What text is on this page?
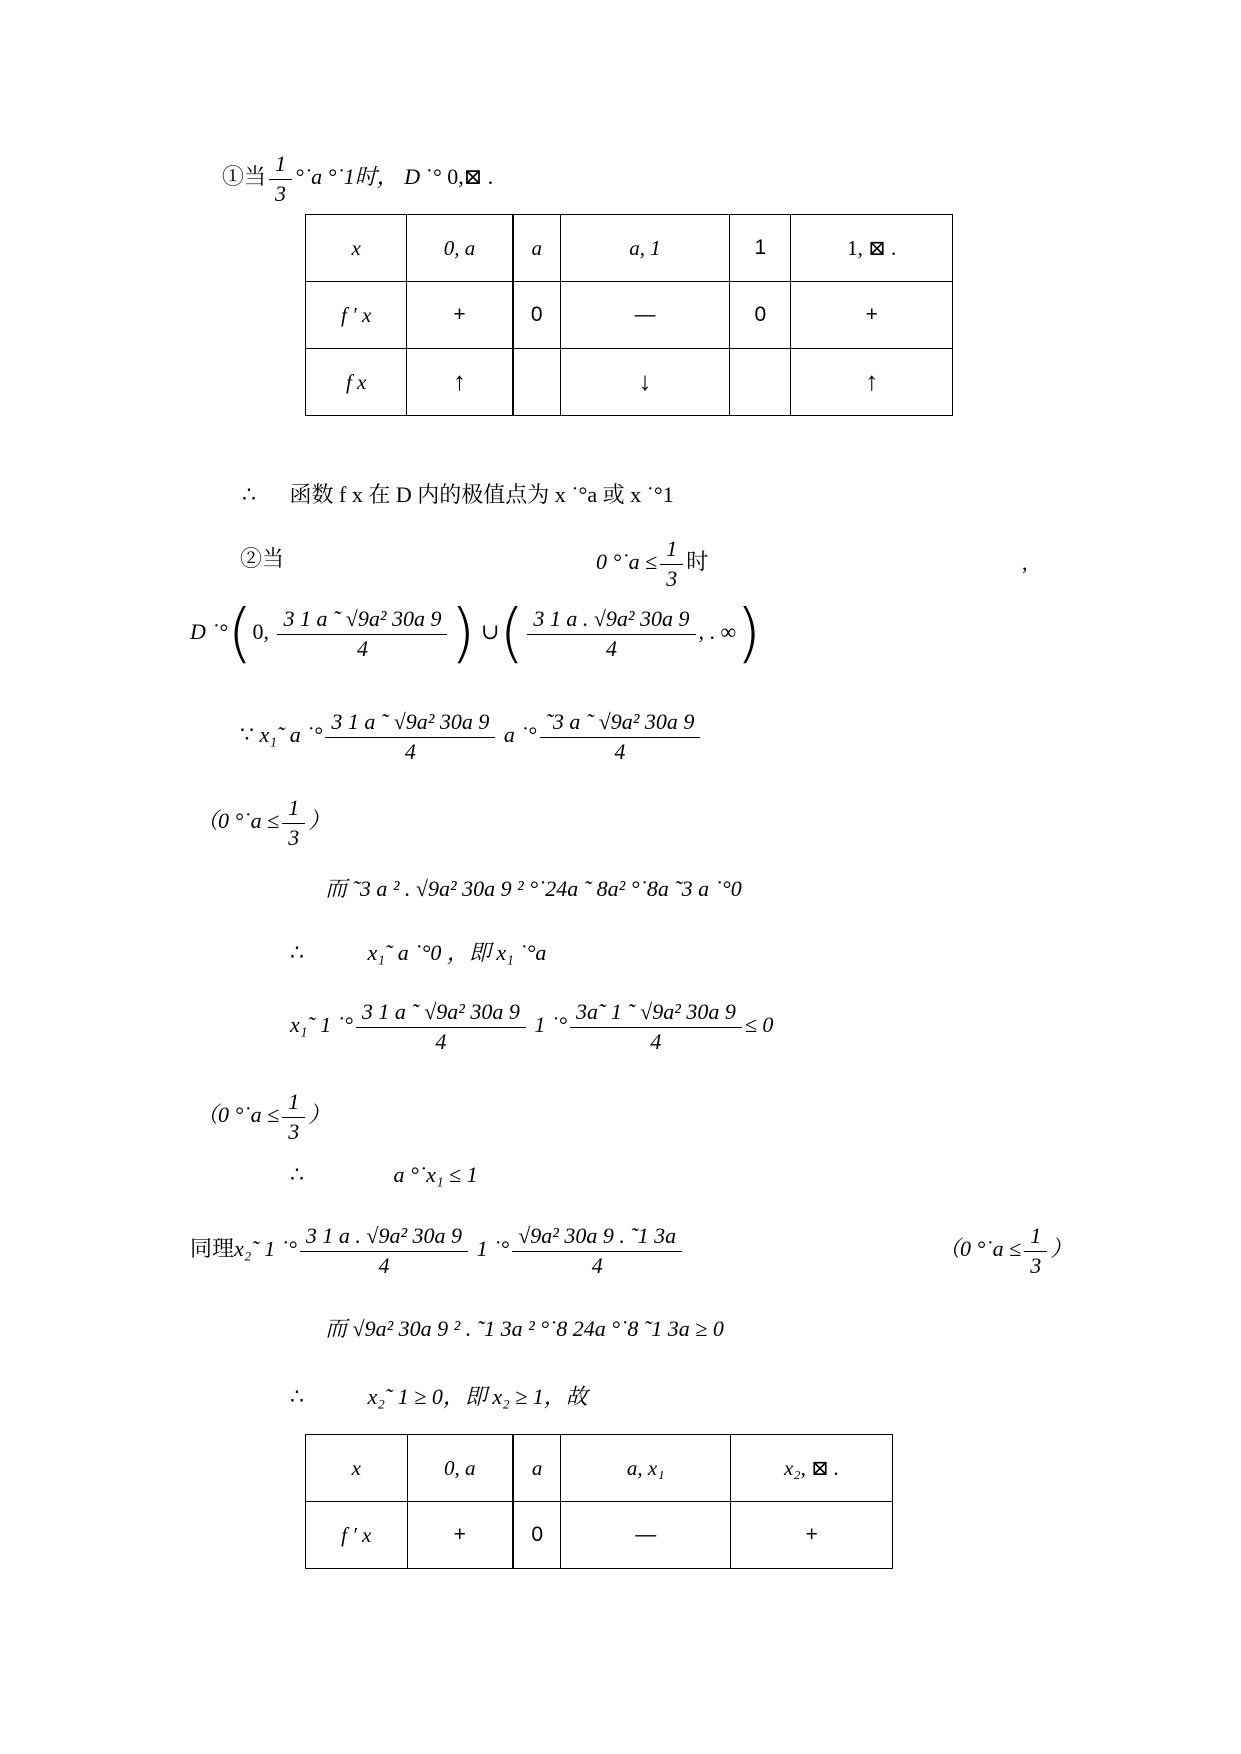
①当 $\frac{1}{3}$ °˙a °˙1时， D ˙° 0,⊠ .
x	0, a	a	a, 1	1	1, ⊠ .
f ′ x	+	0	—	0	+
f x	↑		↓		↑
∴ 函数 f x 在 D 内的极值点为 x ˙°a 或 x ˙°1
②当	0 °˙a ≤ $\frac{1}{3}$ 时	,
D ˙°(0, $\frac{\text{3 1 a ˜ √9a² 30a 9}}{4}$ ) ∪( $\frac{\text{3 1 a . √9a² 30a 9}}{4}$ , . ∞)
∵ x₁˜ a ˙° $\frac{\text{3 1 a ˜ √9a² 30a 9}}{4}$ a ˙° $\frac{\text{˜3 a ˜ √9a² 30a 9}}{4}$
（0 °˙a ≤ $\frac{1}{3}$ ）
而 ˜3 a ² . √9a² 30a 9 ² °˙24a ˜ 8a² °˙8a ˜3 a ˙°0
∴	x₁˜ a ˙°0 ，即 x₁ ˙°a
x₁˜ 1 ˙° $\frac{\text{3 1 a ˜ √9a² 30a 9}}{4} 1$ ˙° $\frac{\text{3a˜ 1 ˜ √9a² 30a 9}}{4} \le 0$
（0 °˙a ≤ $\frac{1}{3}$ ）
∴	a °˙x₁ ≤ 1
同理x₂˜ 1 ˙° $\frac{\text{3 1 a . √9a² 30a 9}}{4} 1$ ˙° $\frac{\text{√9a² 30a 9 . ˜1 3a}}{4}$	（0 °˙a ≤ $\frac{1}{3}$ ）
而 √9a² 30a 9 ² . ˜1 3a ² °˙8 24a °˙8 ˜1 3a ≥ 0
∴	x₂˜ 1 ≥ 0，即 x₂ ≥ 1，故
x	0, a	a	a, x₁	x₂, ⊠ .
f ′ x	+	0	—	+
